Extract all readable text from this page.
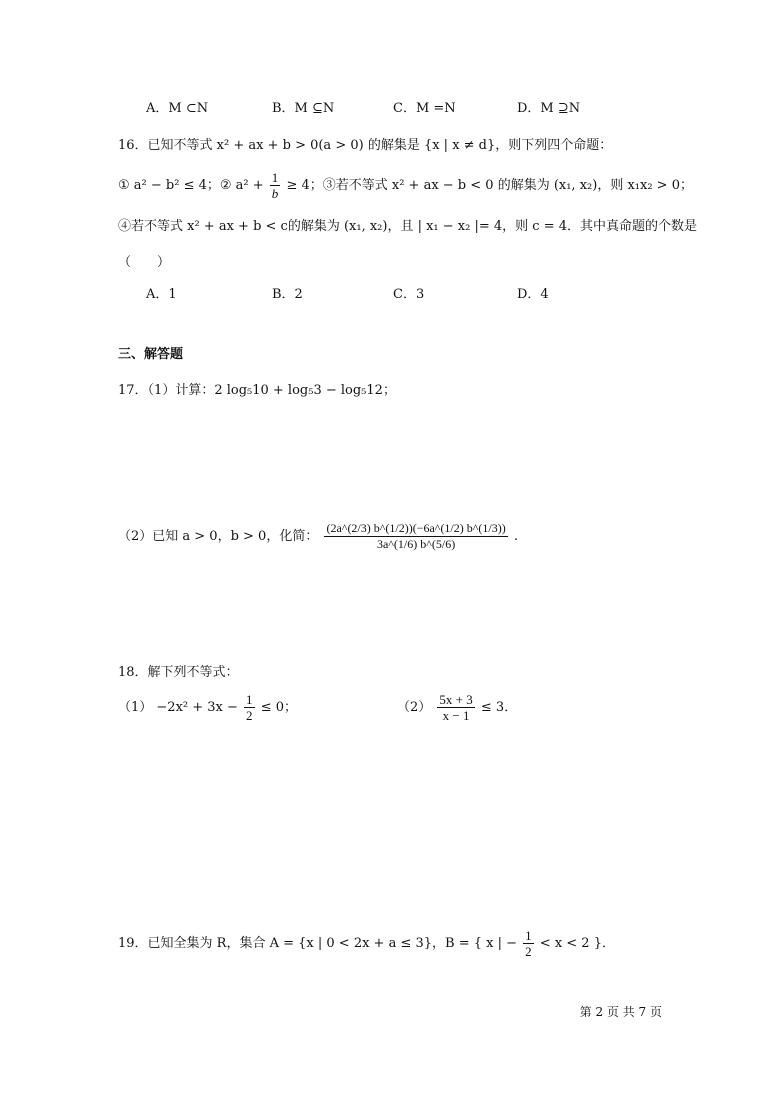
A．M ⊂N	B．M ⊆N	C．M =N	D．M ⊇N
16．已知不等式 x² + ax + b > 0(a > 0) 的解集是 {x | x ≠ d}，则下列四个命题：
① a² − b² ≤ 4；② $a^2 + \frac{1}{b} \ge 4$；③若不等式 x² + ax − b < 0 的解集为 (x₁, x₂)，则 x₁x₂ > 0；
④若不等式 x² + ax + b < c的解集为 (x₁, x₂)，且 | x₁ − x₂ |= 4，则 c = 4．其中真命题的个数是
（　　）
A．1	B．2	C．3	D．4
三、解答题
17．（1）计算：2 log₅10 + log₅3 − log₅12；
（2）已知 a > 0，b > 0，化简： $\frac{(2a\^{}(2/3) b\^{}(1/2))(-6a\^{}(1/2) b\^{}(1/3))}{3a\^{}(1/6) b\^{}(5/6)}$ .
18．解下列不等式：
$(1) -2x^2 + 3x - \frac{1}{2} \le 0$；	$(2) \frac{5x + 3}{x - 1} \le 3$．
19．已知全集为 R，集合 A = {x | 0 < 2x + a ≤ 3}，B = { x | − $\frac{1}{2} < x < 2$ }．
第 2 页 共 7 页
